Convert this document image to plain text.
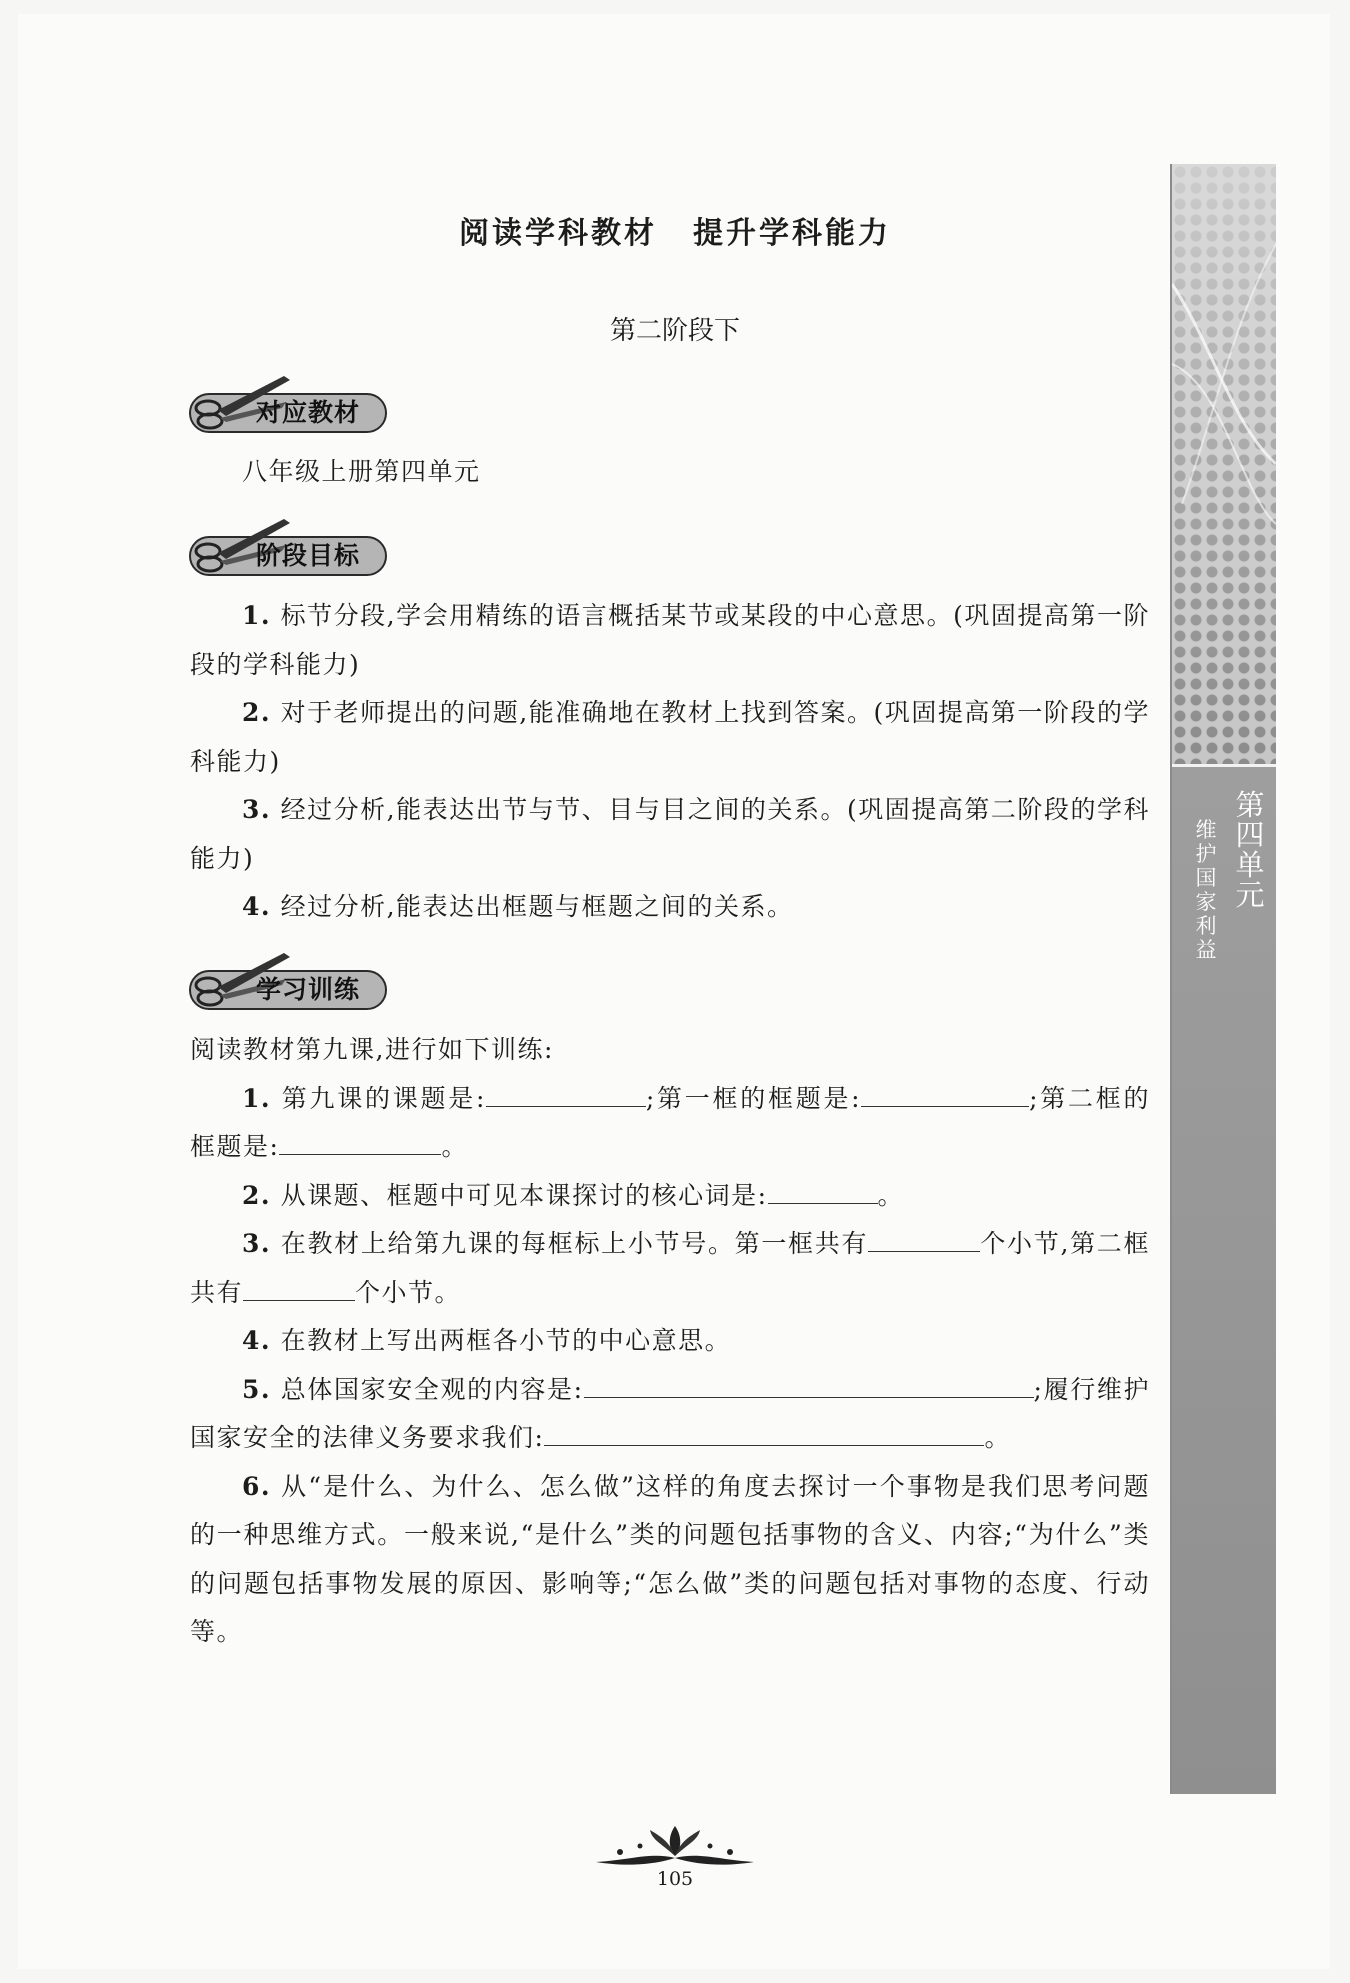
阅读学科教材 提升学科能力
第二阶段下
对应教材
八年级上册第四单元
阶段目标
1. 标节分段,学会用精练的语言概括某节或某段的中心意思。(巩固提高第一阶段的学科能力)
2. 对于老师提出的问题,能准确地在教材上找到答案。(巩固提高第一阶段的学科能力)
3. 经过分析,能表达出节与节、目与目之间的关系。(巩固提高第二阶段的学科能力)
4. 经过分析,能表达出框题与框题之间的关系。
学习训练
阅读教材第九课,进行如下训练:
1. 第九课的课题是:	;第一框的框题是:	;第二框的框题是:	。
2. 从课题、框题中可见本课探讨的核心词是:	。
3. 在教材上给第九课的每框标上小节号。第一框共有	个小节,第二框共有	个小节。
4. 在教材上写出两框各小节的中心意思。
5. 总体国家安全观的内容是:	;履行维护国家安全的法律义务要求我们:	。
6. 从“是什么、为什么、怎么做”这样的角度去探讨一个事物是我们思考问题的一种思维方式。一般来说,“是什么”类的问题包括事物的含义、内容;“为什么”类的问题包括事物发展的原因、影响等;“怎么做”类的问题包括对事物的态度、行动等。
第四单元
维护国家利益
105
